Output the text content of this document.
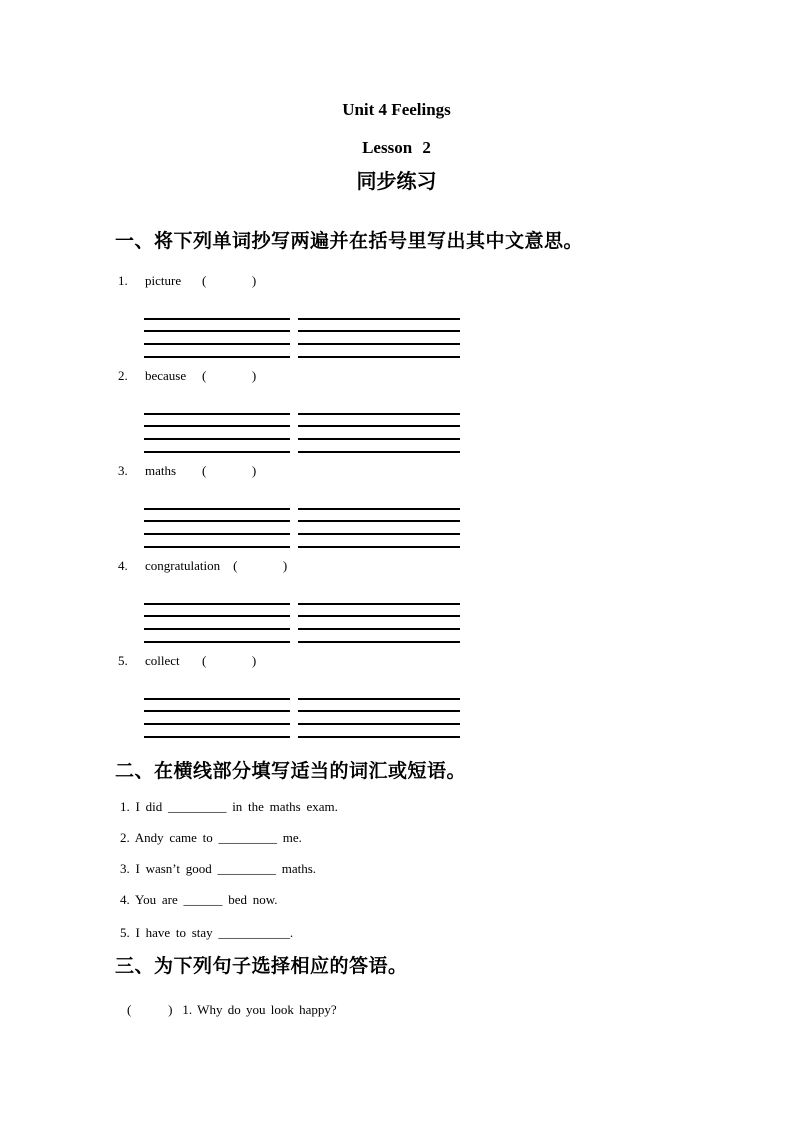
Unit 4 Feelings
Lesson 2
同步练习
一、将下列单词抄写两遍并在括号里写出其中文意思。
1.	picture	(              )
2.	because (              )
3.	maths	(              )
4.	congratulation (              )
5.	collect	(              )
二、在横线部分填写适当的词汇或短语。
1. I did _________ in the maths exam.
2. Andy came to _________ me.
3. I wasn’t good _________ maths.
4. You are ______ bed now.
5. I have to stay ___________.
三、为下列句子选择相应的答语。
(       ) 1. Why do you look happy?
